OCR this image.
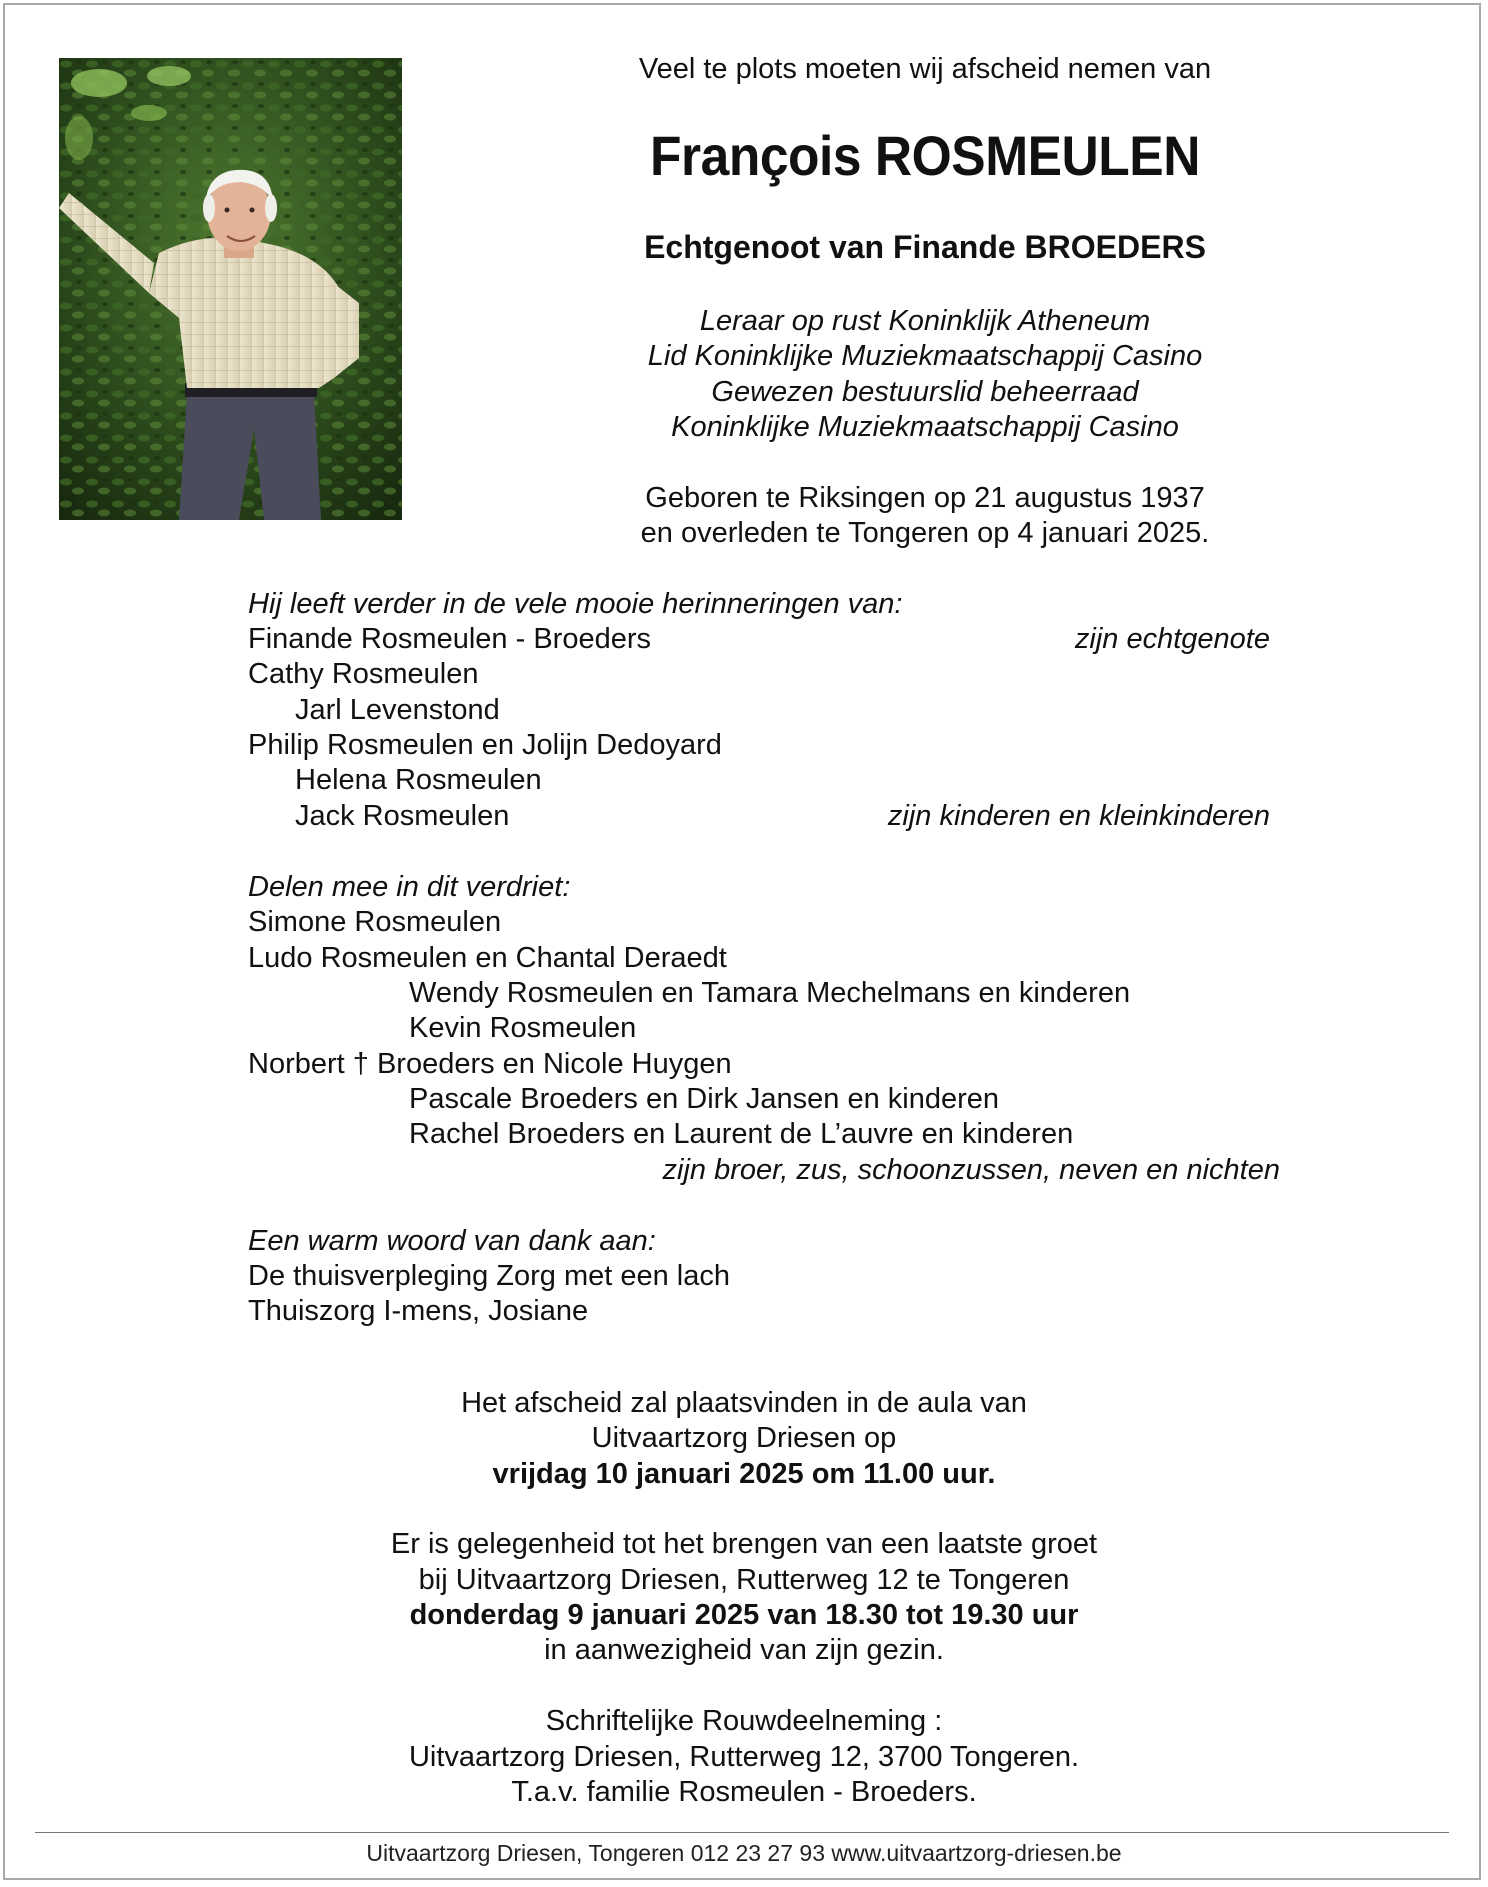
Veel te plots moeten wij afscheid nemen van
François ROSMEULEN
Echtgenoot van Finande BROEDERS
Leraar op rust Koninklijk Atheneum
Lid Koninklijke Muziekmaatschappij Casino
Gewezen bestuurslid beheerraad
Koninklijke Muziekmaatschappij Casino
Geboren te Riksingen op 21 augustus 1937
en overleden te Tongeren op 4 januari 2025.
Hij leeft verder in de vele mooie herinneringen van:
Finande Rosmeulen - Broeders	zijn echtgenote
Cathy Rosmeulen
Jarl Levenstond
Philip Rosmeulen en Jolijn Dedoyard
Helena Rosmeulen
Jack Rosmeulen	zijn kinderen en kleinkinderen
Delen mee in dit verdriet:
Simone Rosmeulen
Ludo Rosmeulen en Chantal Deraedt
Wendy Rosmeulen en Tamara Mechelmans en kinderen
Kevin Rosmeulen
Norbert † Broeders en Nicole Huygen
Pascale Broeders en Dirk Jansen en kinderen
Rachel Broeders en Laurent de L’auvre en kinderen
zijn broer, zus, schoonzussen, neven en nichten
Een warm woord van dank aan:
De thuisverpleging Zorg met een lach
Thuiszorg I-mens, Josiane
Het afscheid zal plaatsvinden in de aula van
Uitvaartzorg Driesen op
vrijdag 10 januari 2025 om 11.00 uur.
Er is gelegenheid tot het brengen van een laatste groet
bij Uitvaartzorg Driesen, Rutterweg 12 te Tongeren
donderdag 9 januari 2025 van 18.30 tot 19.30 uur
in aanwezigheid van zijn gezin.
Schriftelijke Rouwdeelneming :
Uitvaartzorg Driesen, Rutterweg 12, 3700 Tongeren.
T.a.v. familie Rosmeulen - Broeders.
Uitvaartzorg Driesen, Tongeren 012 23 27 93 www.uitvaartzorg-driesen.be
